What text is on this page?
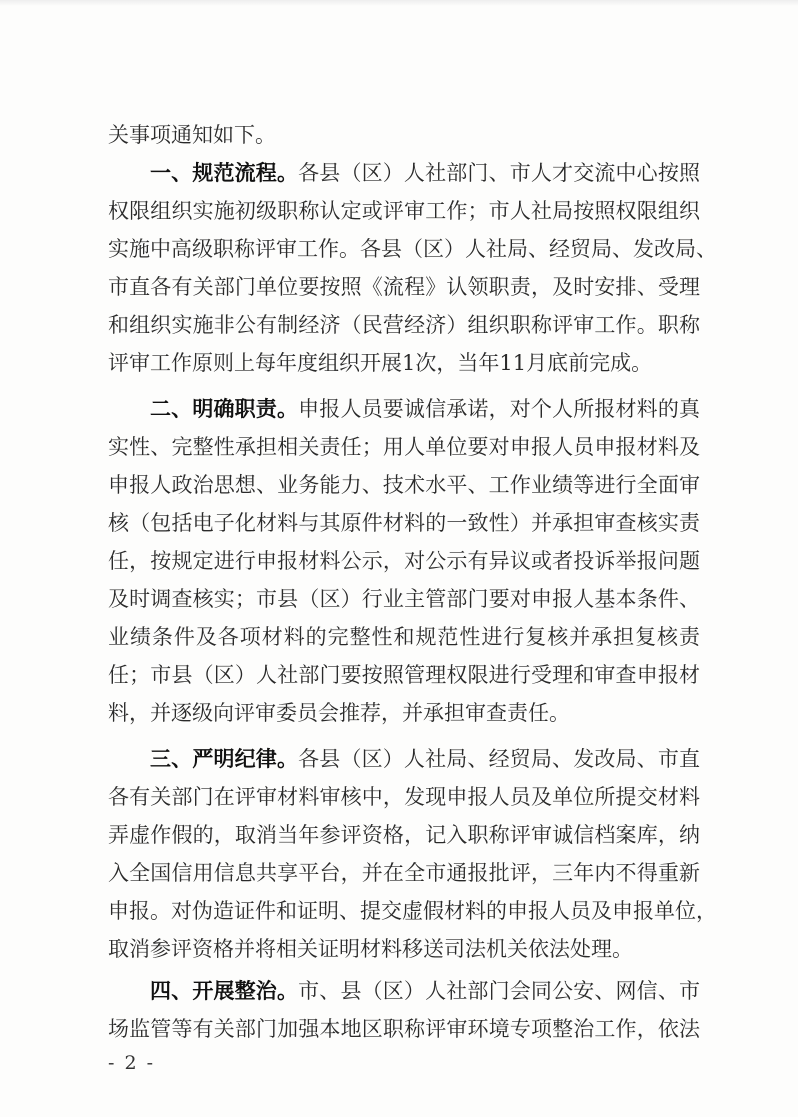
关事项通知如下。
一、规范流程。各县（区）人社部门、市人才交流中心按照
权限组织实施初级职称认定或评审工作；市人社局按照权限组织
实施中高级职称评审工作。各县（区）人社局、经贸局、发改局、
市直各有关部门单位要按照《流程》认领职责，及时安排、受理
和组织实施非公有制经济（民营经济）组织职称评审工作。职称
评审工作原则上每年度组织开展1次，当年11月底前完成。
二、明确职责。申报人员要诚信承诺，对个人所报材料的真
实性、完整性承担相关责任；用人单位要对申报人员申报材料及
申报人政治思想、业务能力、技术水平、工作业绩等进行全面审
核（包括电子化材料与其原件材料的一致性）并承担审查核实责
任，按规定进行申报材料公示，对公示有异议或者投诉举报问题
及时调查核实；市县（区）行业主管部门要对申报人基本条件、
业绩条件及各项材料的完整性和规范性进行复核并承担复核责
任；市县（区）人社部门要按照管理权限进行受理和审查申报材
料，并逐级向评审委员会推荐，并承担审查责任。
三、严明纪律。各县（区）人社局、经贸局、发改局、市直
各有关部门在评审材料审核中，发现申报人员及单位所提交材料
弄虚作假的，取消当年参评资格，记入职称评审诚信档案库，纳
入全国信用信息共享平台，并在全市通报批评，三年内不得重新
申报。对伪造证件和证明、提交虚假材料的申报人员及申报单位，
取消参评资格并将相关证明材料移送司法机关依法处理。
四、开展整治。市、县（区）人社部门会同公安、网信、市
场监管等有关部门加强本地区职称评审环境专项整治工作，依法
- 2 -
